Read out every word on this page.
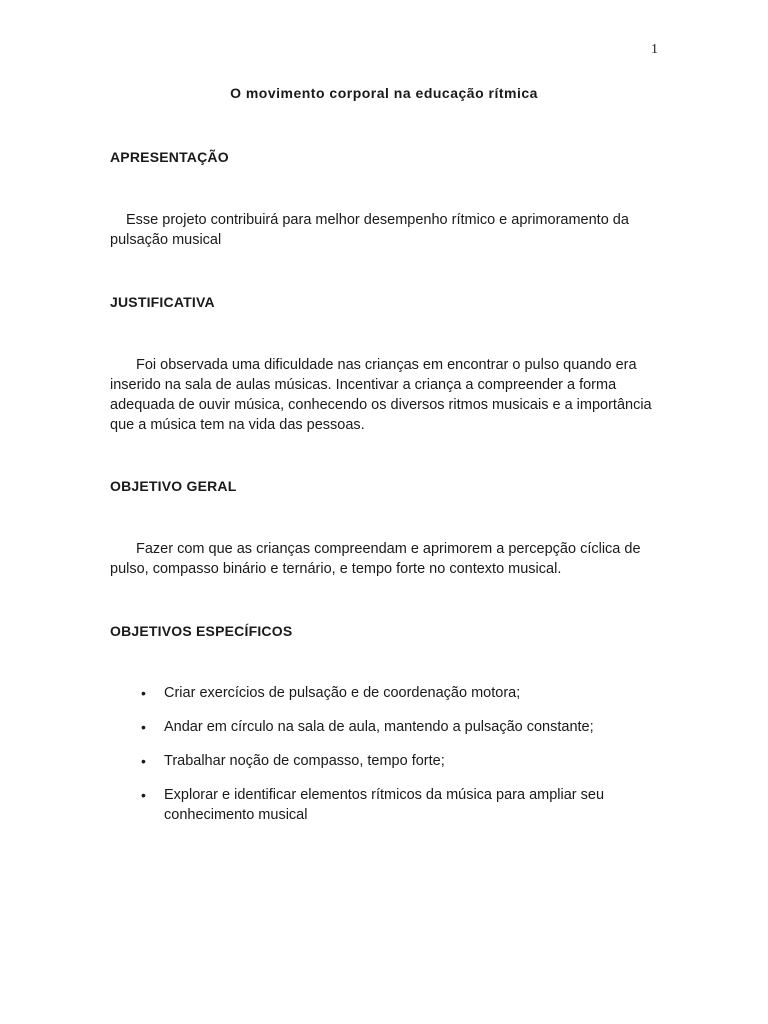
1
O movimento corporal na educação rítmica
APRESENTAÇÃO
Esse projeto contribuirá para melhor desempenho rítmico e aprimoramento da pulsação musical
JUSTIFICATIVA
Foi observada uma dificuldade nas crianças em encontrar o pulso quando era inserido na sala de aulas músicas. Incentivar a criança a compreender a forma adequada de ouvir música, conhecendo os diversos ritmos musicais e a importância que a música tem na vida das pessoas.
OBJETIVO GERAL
Fazer com que as crianças compreendam e aprimorem a percepção cíclica de pulso, compasso binário e ternário, e tempo forte no contexto musical.
OBJETIVOS ESPECÍFICOS
• Criar exercícios de pulsação e de coordenação motora;
• Andar em círculo na sala de aula, mantendo a pulsação constante;
• Trabalhar noção de compasso, tempo forte;
• Explorar e identificar elementos rítmicos da música para ampliar seu conhecimento musical
